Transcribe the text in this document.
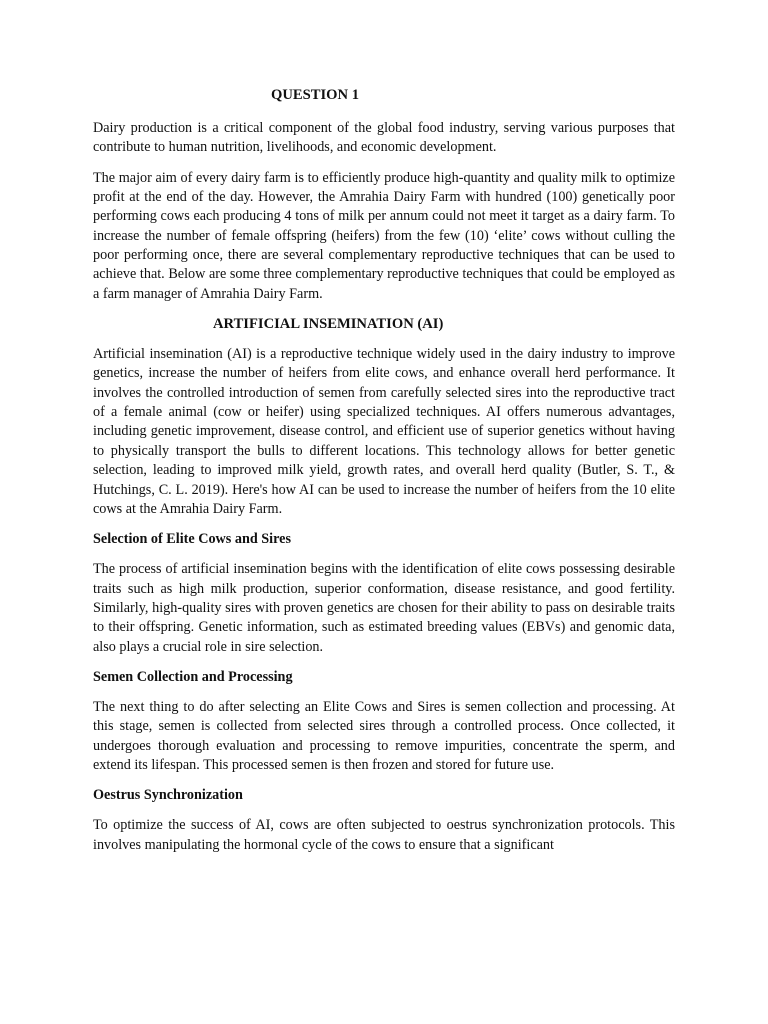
QUESTION 1

Dairy production is a critical component of the global food industry, serving various purposes that contribute to human nutrition, livelihoods, and economic development.

The major aim of every dairy farm is to efficiently produce high-quantity and quality milk to optimize profit at the end of the day. However, the Amrahia Dairy Farm with hundred (100) genetically poor performing cows each producing 4 tons of milk per annum could not meet it target as a dairy farm. To increase the number of female offspring (heifers) from the few (10) ‘elite’ cows without culling the poor performing once, there are several complementary reproductive techniques that can be used to achieve that. Below are some three complementary reproductive techniques that could be employed as a farm manager of Amrahia Dairy Farm.

ARTIFICIAL INSEMINATION (AI)

Artificial insemination (AI) is a reproductive technique widely used in the dairy industry to improve genetics, increase the number of heifers from elite cows, and enhance overall herd performance. It involves the controlled introduction of semen from carefully selected sires into the reproductive tract of a female animal (cow or heifer) using specialized techniques. AI offers numerous advantages, including genetic improvement, disease control, and efficient use of superior genetics without having to physically transport the bulls to different locations. This technology allows for better genetic selection, leading to improved milk yield, growth rates, and overall herd quality (Butler, S. T., & Hutchings, C. L. 2019). Here's how AI can be used to increase the number of heifers from the 10 elite cows at the Amrahia Dairy Farm.

Selection of Elite Cows and Sires

The process of artificial insemination begins with the identification of elite cows possessing desirable traits such as high milk production, superior conformation, disease resistance, and good fertility. Similarly, high-quality sires with proven genetics are chosen for their ability to pass on desirable traits to their offspring. Genetic information, such as estimated breeding values (EBVs) and genomic data, also plays a crucial role in sire selection.

Semen Collection and Processing

The next thing to do after selecting an Elite Cows and Sires is semen collection and processing. At this stage, semen is collected from selected sires through a controlled process. Once collected, it undergoes thorough evaluation and processing to remove impurities, concentrate the sperm, and extend its lifespan. This processed semen is then frozen and stored for future use.

Oestrus Synchronization

To optimize the success of AI, cows are often subjected to oestrus synchronization protocols. This involves manipulating the hormonal cycle of the cows to ensure that a significant
